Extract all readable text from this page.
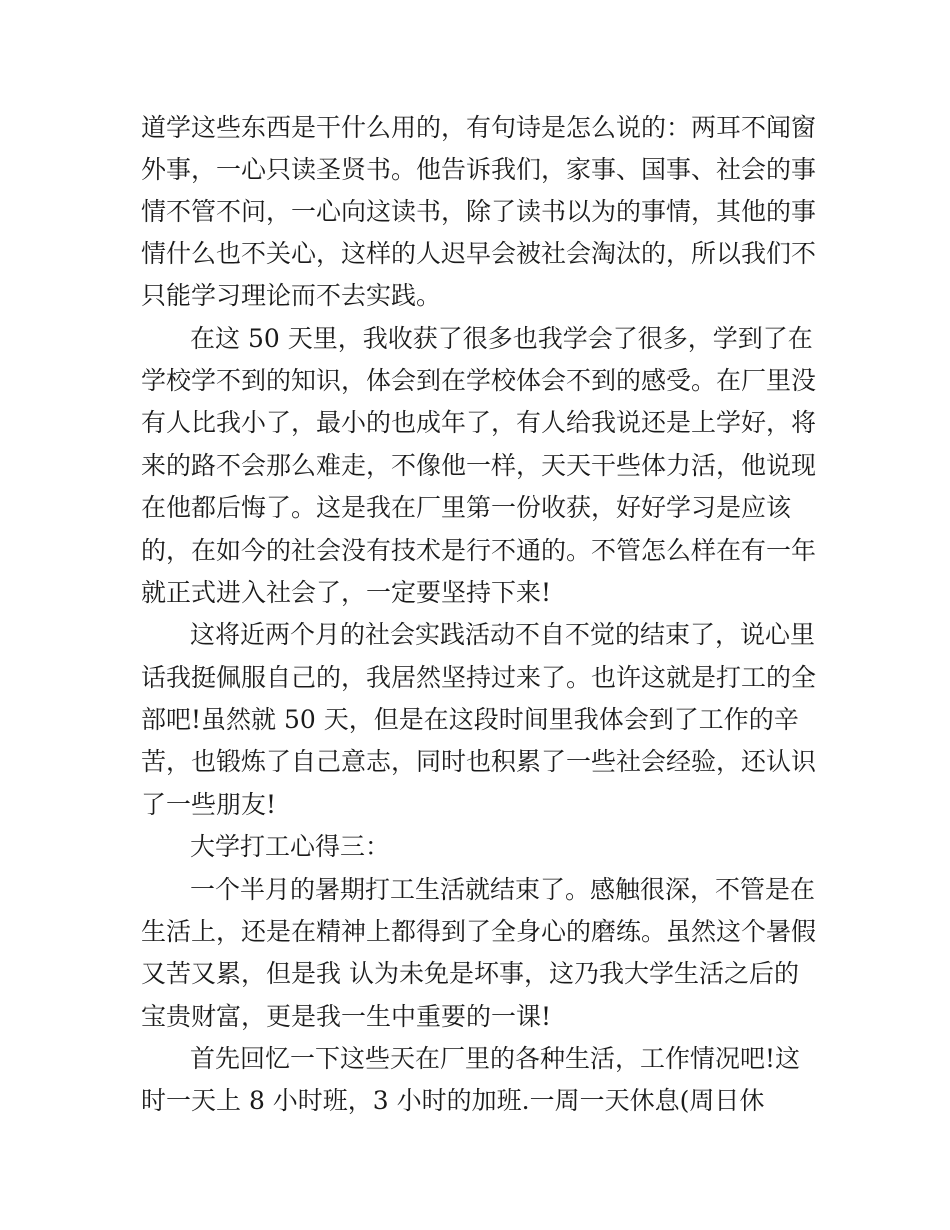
道学这些东西是干什么用的，有句诗是怎么说的：两耳不闻窗
外事，一心只读圣贤书。他告诉我们，家事、国事、社会的事
情不管不问，一心向这读书，除了读书以为的事情，其他的事
情什么也不关心，这样的人迟早会被社会淘汰的，所以我们不
只能学习理论而不去实践。
在这 50 天里，我收获了很多也我学会了很多，学到了在
学校学不到的知识，体会到在学校体会不到的感受。在厂里没
有人比我小了，最小的也成年了，有人给我说还是上学好，将
来的路不会那么难走，不像他一样，天天干些体力活，他说现
在他都后悔了。这是我在厂里第一份收获，好好学习是应该
的，在如今的社会没有技术是行不通的。不管怎么样在有一年
就正式进入社会了，一定要坚持下来!
这将近两个月的社会实践活动不自不觉的结束了，说心里
话我挺佩服自己的，我居然坚持过来了。也许这就是打工的全
部吧!虽然就 50 天，但是在这段时间里我体会到了工作的辛
苦，也锻炼了自己意志，同时也积累了一些社会经验，还认识
了一些朋友!
大学打工心得三：
一个半月的暑期打工生活就结束了。感触很深，不管是在
生活上，还是在精神上都得到了全身心的磨练。虽然这个暑假
又苦又累，但是我 认为未免是坏事，这乃我大学生活之后的
宝贵财富，更是我一生中重要的一课!
首先回忆一下这些天在厂里的各种生活，工作情况吧!这
时一天上 8 小时班，3 小时的加班.一周一天休息(周日休
